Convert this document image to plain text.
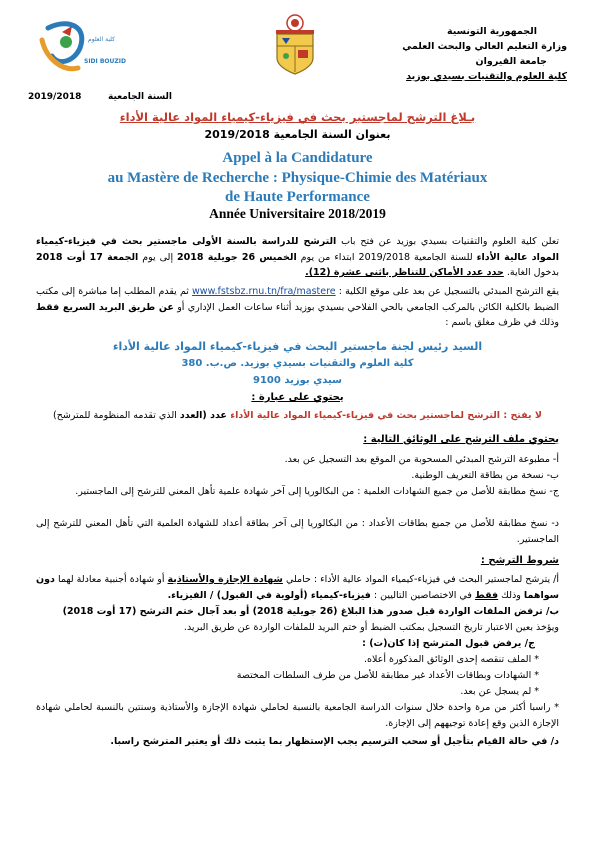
الجمهورية التونسية
وزارة التعليم العالي والبحث العلمي
جامعة القيروان
كلية العلوم والتقنيات بسيدي بوزيد
كلية العلوم
SIDI BOUZID
2019/2018	السنة الجامعية
بـلاغ الترشح لماجستير بحث في فيزياء-كيمياء المواد عالية الأداء
بعنوان السنة الجامعية 2019/2018
Appel à la Candidature
au Mastère de Recherche : Physique-Chimie des Matériaux
de Haute Performance
Année Universitaire 2018/2019
تعلن كلية العلوم والتقنيات بسيدي بوزيد عن فتح باب الترشح للدراسة بالسنة الأولى ماجستير بحث في فيزياء-كيمياء المواد عالية الأداء للسنة الجامعية 2019/2018 ابتداء من يوم الخميس 26 جويلية 2018 إلى يوم الجمعة 17 أوت 2018 بدخول الغاية. حدد عدد الأماكن للتناظر باثنى عشرة (12).
يقع الترشح المبدئي بالتسجيل عن بعد على موقع الكلية : www.fstsbz.rnu.tn/fra/mastere ثم يقدم المطلب إما مباشرة إلى مكتب الضبط بالكلية الكائن بالمركب الجامعي بالحي الفلاحي بسيدي بوزيد أثناء ساعات العمل الإداري أو عن طريق البريد السريع فقط وذلك في ظرف مغلق باسم :
السيد رئيس لجنة ماجستير البحث في فيزياء-كيمياء المواد عالية الأداء
كلية العلوم والتقنيات بسيدي بوزيد. ص.ب. 380
سيدي بوزيد 9100
يحتوي على عبارة :
لا يفتح : الترشح لماجستير بحث في فيزياء-كيمياء المواد عالية الأداء عدد (العدد الذي تقدمه المنظومة للمترشح)
يحتوي ملف الترشح على الوثائق التالية :
أ- مطبوعة الترشح المبدئي المسحوبة من الموقع بعد التسجيل عن بعد.
ب- نسخة من بطاقة التعريف الوطنية.
ج- نسخ مطابقة للأصل من جميع الشهادات العلمية : من البكالوريا إلى آخر شهادة علمية تأهل المعني للترشح إلى الماجستير.
د- نسخ مطابقة للأصل من جميع بطاقات الأعداد : من البكالوريا إلى آخر بطاقة أعداد للشهادة العلمية التي تأهل المعني للترشح إلى الماجستير.
شروط الترشح :
أ/ يترشح لماجستير البحث في فيزياء-كيمياء المواد عالية الأداء : حاملي شهادة الإجازة والأستاذية أو شهادة أجنبية معادلة لهما دون سواهما وذلك فقط في الاختصاصين التاليين : فيزياء-كيمياء (أولوية في القبول) / الفيزياء.
ب/ ترفض الملفات الواردة قبل صدور هذا البلاغ (26 جويلية 2018) أو بعد آجال ختم الترشح (17 أوت 2018)
ويؤخذ بعين الاعتبار تاريخ التسجيل بمكتب الضبط أو ختم البريد للملفات الواردة عن طريق البريد.
ج/ يرفض قبول المترشح إذا كان(ت) :
* الملف تنقصه إحدى الوثائق المذكورة أعلاه.
* الشهادات وبطاقات الأعداد غير مطابقة للأصل من طرف السلطات المختصة
* لم يسجل عن بعد.
* راسبا أكثر من مرة واحدة خلال سنوات الدراسة الجامعية بالنسبة لحاملي شهادة الإجازة والأستاذية وسنتين بالنسبة لحاملي شهادة الإجازة الذين وقع إعادة توجيههم إلى الإجازة.
د/ في حالة القيام بتأجيل أو سحب الترسيم يجب الإستظهار بما يثبت ذلك أو يعتبر المترشح راسبا.
